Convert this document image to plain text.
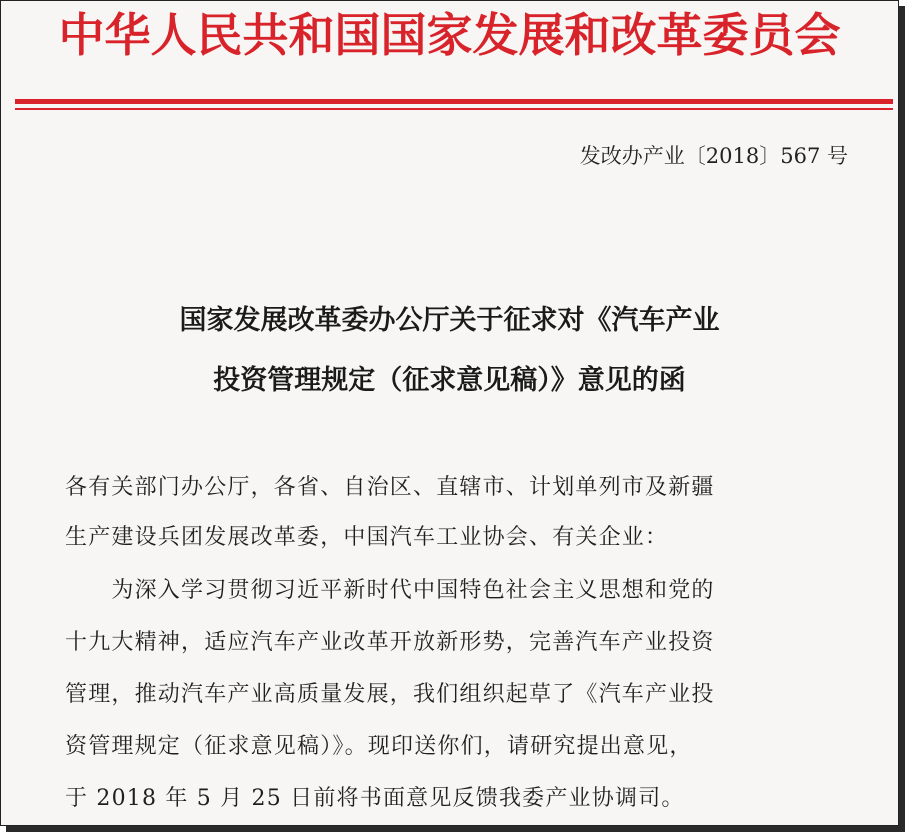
中华人民共和国国家发展和改革委员会
发改办产业〔2018〕567 号
国家发展改革委办公厅关于征求对《汽车产业
投资管理规定（征求意见稿）》意见的函
各有关部门办公厅，各省、自治区、直辖市、计划单列市及新疆
生产建设兵团发展改革委，中国汽车工业协会、有关企业：
　　为深入学习贯彻习近平新时代中国特色社会主义思想和党的
十九大精神，适应汽车产业改革开放新形势，完善汽车产业投资
管理，推动汽车产业高质量发展，我们组织起草了《汽车产业投
资管理规定（征求意见稿）》。现印送你们，请研究提出意见，
于 2018 年 5 月 25 日前将书面意见反馈我委产业协调司。
